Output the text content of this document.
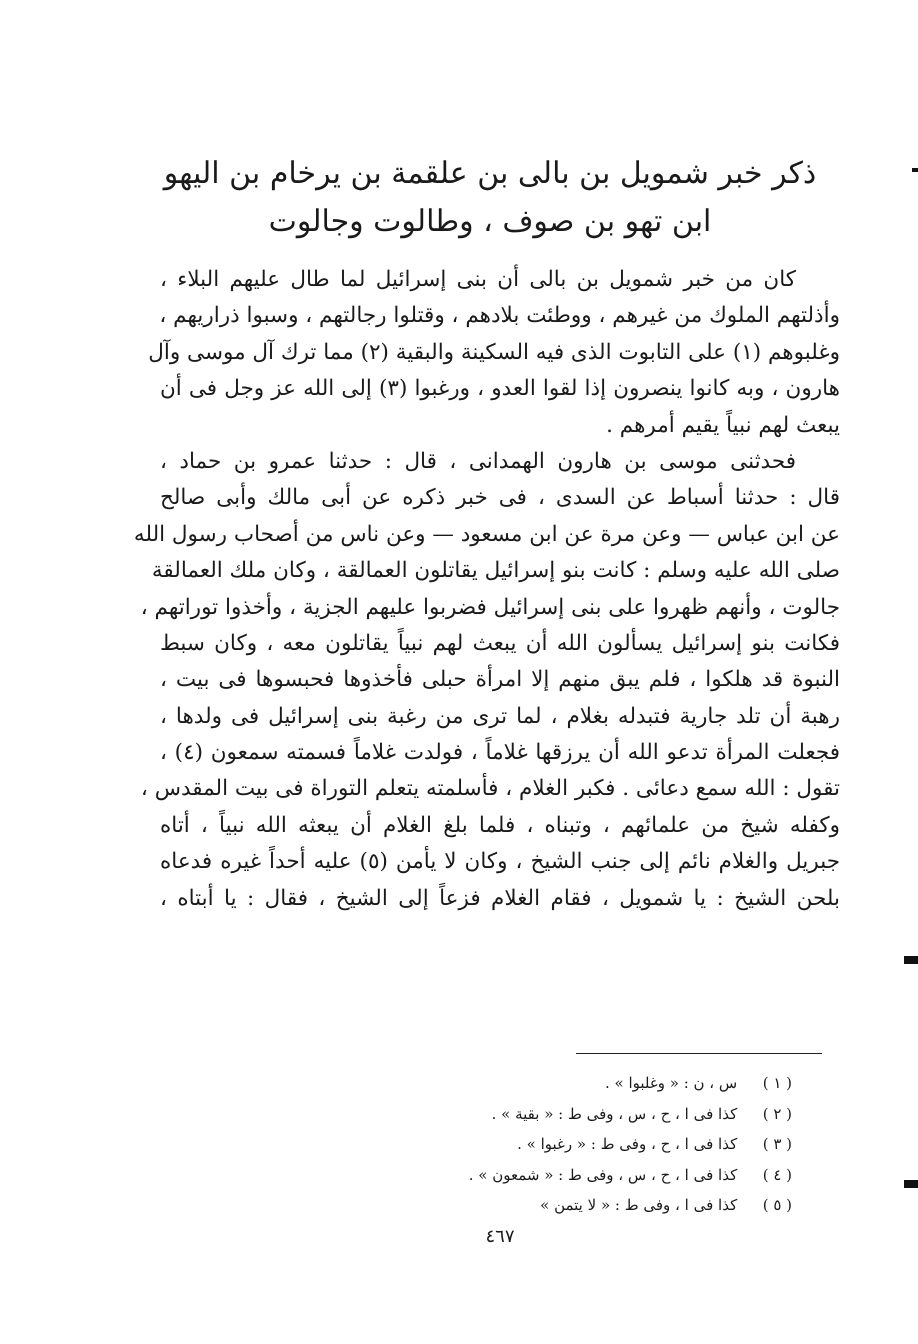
ذكر خبر شمويل بن بالى بن علقمة بن يرخام بن اليهو
ابن تهو بن صوف ، وطالوت وجالوت
كان من خبر شمويل بن بالى أن بنى إسرائيل لما طال عليهم البلاء ،
وأذلتهم الملوك من غيرهم ، ووطئت بلادهم ، وقتلوا رجالتهم ، وسبوا ذراريهم ،
وغلبوهم (١) على التابوت الذى فيه السكينة والبقية (٢) مما ترك آل موسى وآل
هارون ، وبه كانوا ينصرون إذا لقوا العدو ، ورغبوا (٣) إلى الله عز وجل فى أن
يبعث لهم نبياً يقيم أمرهم .
فحدثنى موسى بن هارون الهمدانى ، قال : حدثنا عمرو بن حماد ،
قال : حدثنا أسباط عن السدى ، فى خبر ذكره عن أبى مالك وأبى صالح
عن ابن عباس — وعن مرة عن ابن مسعود — وعن ناس من أصحاب رسول الله
صلى الله عليه وسلم : كانت بنو إسرائيل يقاتلون العمالقة ، وكان ملك العمالقة
جالوت ، وأنهم ظهروا على بنى إسرائيل فضربوا عليهم الجزية ، وأخذوا توراتهم ،
فكانت بنو إسرائيل يسألون الله أن يبعث لهم نبياً يقاتلون معه ، وكان سبط
النبوة قد هلكوا ، فلم يبق منهم إلا امرأة حبلى فأخذوها فحبسوها فى بيت ،
رهبة أن تلد جارية فتبدله بغلام ، لما ترى من رغبة بنى إسرائيل فى ولدها ،
فجعلت المرأة تدعو الله أن يرزقها غلاماً ، فولدت غلاماً فسمته سمعون (٤) ،
تقول : الله سمع دعائى . فكبر الغلام ، فأسلمته يتعلم التوراة فى بيت المقدس ،
وكفله شيخ من علمائهم ، وتبناه ، فلما بلغ الغلام أن يبعثه الله نبياً ، أتاه
جبريل والغلام نائم إلى جنب الشيخ ، وكان لا يأمن (٥) عليه أحداً غيره فدعاه
بلحن الشيخ : يا شمويل ، فقام الغلام فزعاً إلى الشيخ ، فقال : يا أبتاه ،
( ١ ) س ، ن : « وغلبوا » .
( ٢ ) كذا فى ا ، ح ، س ، وفى ط : « بقية » .
( ٣ ) كذا فى ا ، ح ، وفى ط : « رغبوا » .
( ٤ ) كذا فى ا ، ح ، س ، وفى ط : « شمعون » .
( ٥ ) كذا فى ا ، وفى ط : « لا يتمن »
٤٦٧
